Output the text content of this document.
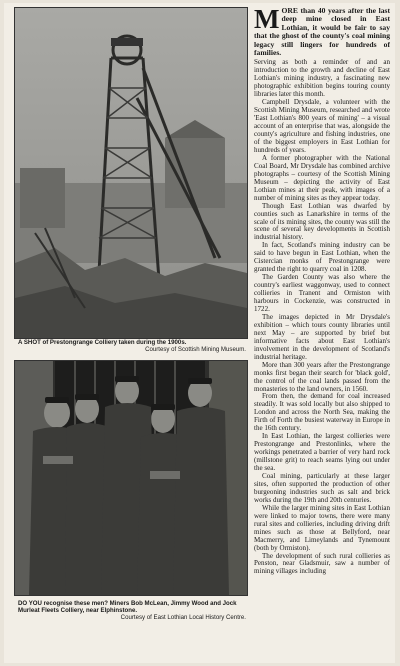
A SHOT of Prestongrange Colliery taken during the 1900s.
Courtesy of Scottish Mining Museum.
DO YOU recognise these men? Miners Bob McLean, Jimmy Wood and Jock Murleat Fleets Colliery, near Elphinstone.
Courtesy of East Lothian Local History Centre.
MORE than 40 years after the last deep mine closed in East Lothian, it would be fair to say that the ghost of the county's coal mining legacy still lingers for hundreds of families.

Serving as both a reminder of and an introduction to the growth and decline of East Lothian's mining industry, a fascinating new photographic exhibition begins touring county libraries later this month.

Campbell Drysdale, a volunteer with the Scottish Mining Museum, researched and wrote 'East Lothian's 800 years of mining' – a visual account of an enterprise that was, alongside the county's agriculture and fishing industries, one of the biggest employers in East Lothian for hundreds of years.

A former photographer with the National Coal Board, Mr Drysdale has combined archive photographs – courtesy of the Scottish Mining Museum – depicting the activity of East Lothian mines at their peak, with images of a number of mining sites as they appear today.

Though East Lothian was dwarfed by counties such as Lanarkshire in terms of the scale of its mining sites, the county was still the scene of several key developments in Scottish industrial history.

In fact, Scotland's mining industry can be said to have begun in East Lothian, when the Cistercian monks of Prestongrange were granted the right to quarry coal in 1208.

The Garden County was also where the country's earliest waggonway, used to connect collieries in Tranent and Ormiston with harbours in Cockenzie, was constructed in 1722.

The images depicted in Mr Drysdale's exhibition – which tours county libraries until next May – are supported by brief but informative facts about East Lothian's involvement in the development of Scotland's industrial heritage.

More than 300 years after the Prestongrange monks first began their search for 'black gold', the control of the coal lands passed from the monasteries to the land owners, in 1560.

From then, the demand for coal increased steadily. It was sold locally but also shipped to London and across the North Sea, making the Firth of Forth the busiest waterway in Europe in the 16th century.

In East Lothian, the largest collieries were Prestongrange and Prestonlinks, where the workings penetrated a barrier of very hard rock (millstone grit) to reach seams lying out under the sea.

Coal mining, particularly at these larger sites, often supported the production of other burgeoning industries such as salt and brick works during the 19th and 20th centuries.

While the larger mining sites in East Lothian were linked to major towns, there were many rural sites and collieries, including driving drift mines such as those at Bellyford, near Macmerry, and Limeylands and Tynemount (both by Ormiston).

The development of such rural collieries as Penston, near Gladsmuir, saw a number of mining villages including
